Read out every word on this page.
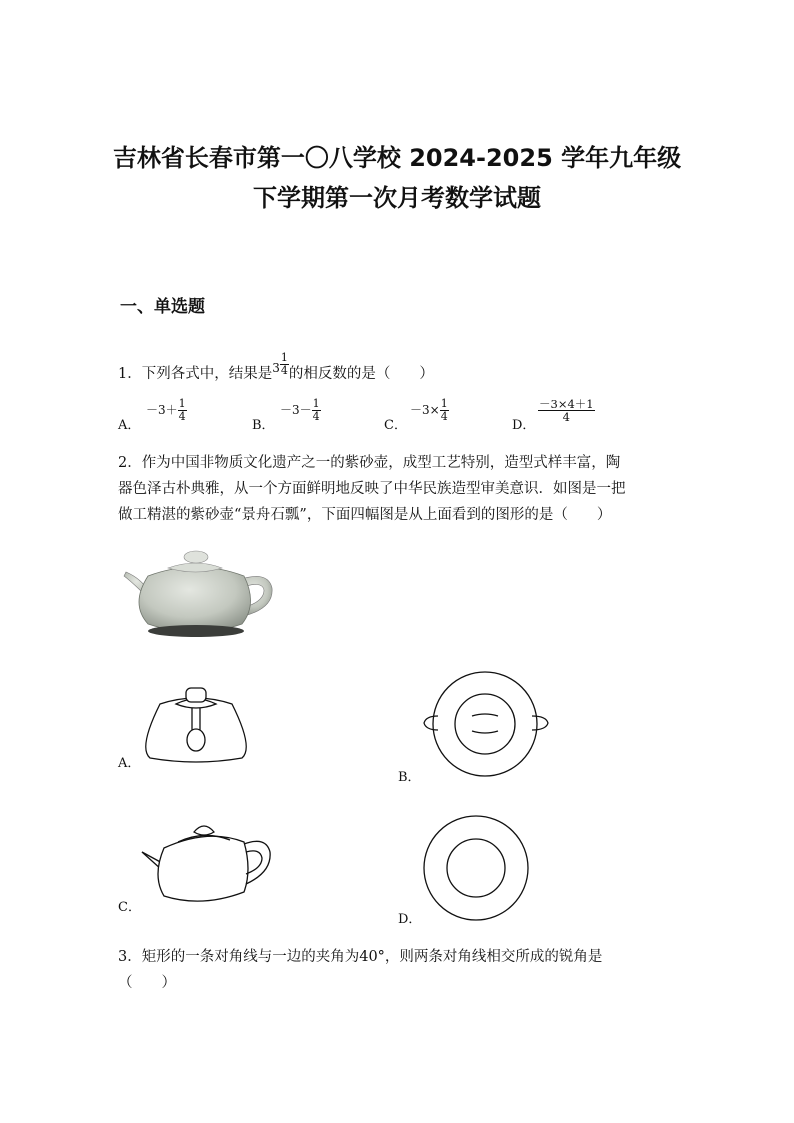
吉林省长春市第一〇八学校 2024-2025 学年九年级
下学期第一次月考数学试题
一、单选题
1．下列各式中，结果是$^3 \frac{1}{4}$ 的相反数的是（　　）
A．
$-3+ \frac{1}{4}$
B．
$-3- \frac{1}{4}$
C．
$-3\times \frac{1}{4}$
D．
$\frac{-3\times 4+1}{4}$
2．作为中国非物质文化遗产之一的紫砂壶，成型工艺特别，造型式样丰富，陶
器色泽古朴典雅，从一个方面鲜明地反映了中华民族造型审美意识．如图是一把
做工精湛的紫砂壶“景舟石瓢”，下面四幅图是从上面看到的图形的是（　　）
A．
B．
C．
D．
3．矩形的一条对角线与一边的夹角为40°，则两条对角线相交所成的锐角是
（　　）
